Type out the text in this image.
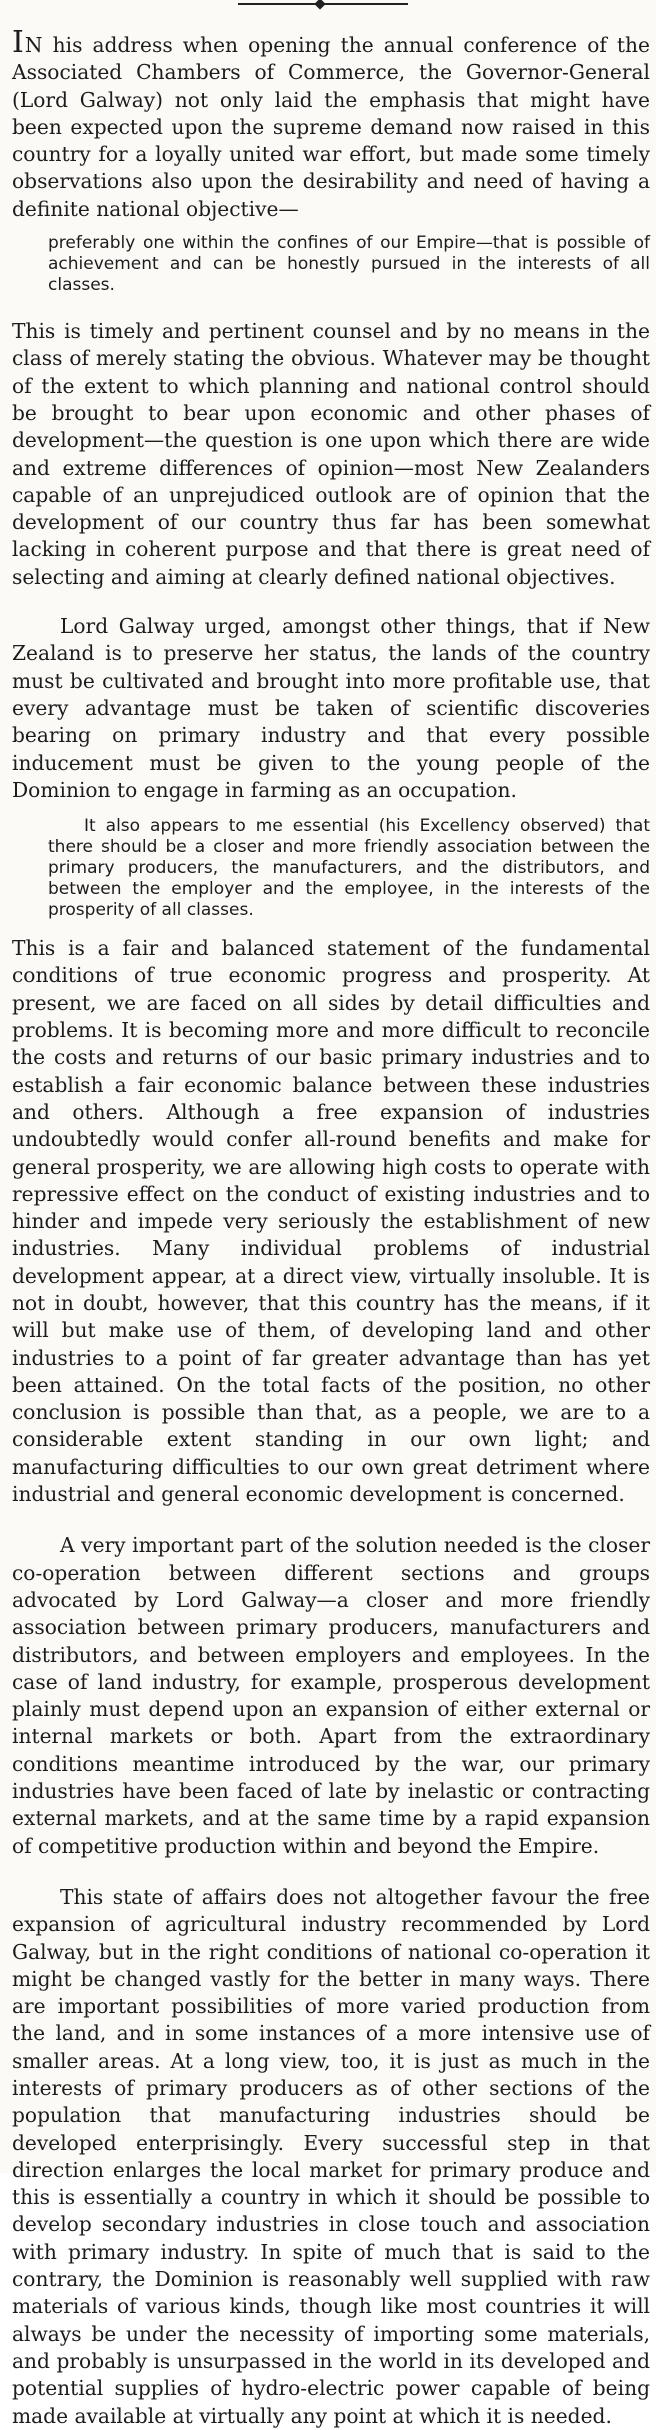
IN his address when opening the annual conference of the Associated Chambers of Commerce, the Governor-General (Lord Galway) not only laid the emphasis that might have been expected upon the supreme demand now raised in this country for a loyally united war effort, but made some timely observations also upon the desirability and need of having a definite national objective—

preferably one within the confines of our Empire—that is possible of achievement and can be honestly pursued in the interests of all classes.

This is timely and pertinent counsel and by no means in the class of merely stating the obvious. Whatever may be thought of the extent to which planning and national control should be brought to bear upon economic and other phases of development—the question is one upon which there are wide and extreme differences of opinion—most New Zealanders capable of an unprejudiced outlook are of opinion that the development of our country thus far has been somewhat lacking in coherent purpose and that there is great need of selecting and aiming at clearly defined national objectives.

Lord Galway urged, amongst other things, that if New Zealand is to preserve her status, the lands of the country must be cultivated and brought into more profitable use, that every advantage must be taken of scientific discoveries bearing on primary industry and that every possible inducement must be given to the young people of the Dominion to engage in farming as an occupation.

It also appears to me essential (his Excellency observed) that there should be a closer and more friendly association between the primary producers, the manufacturers, and the distributors, and between the employer and the employee, in the interests of the prosperity of all classes.

This is a fair and balanced statement of the fundamental conditions of true economic progress and prosperity. At present, we are faced on all sides by detail difficulties and problems. It is becoming more and more difficult to reconcile the costs and returns of our basic primary industries and to establish a fair economic balance between these industries and others. Although a free expansion of industries undoubtedly would confer all-round benefits and make for general prosperity, we are allowing high costs to operate with repressive effect on the conduct of existing industries and to hinder and impede very seriously the establishment of new industries. Many individual problems of industrial development appear, at a direct view, virtually insoluble. It is not in doubt, however, that this country has the means, if it will but make use of them, of developing land and other industries to a point of far greater advantage than has yet been attained. On the total facts of the position, no other conclusion is possible than that, as a people, we are to a considerable extent standing in our own light; and manufacturing difficulties to our own great detriment where industrial and general economic development is concerned.

A very important part of the solution needed is the closer co-operation between different sections and groups advocated by Lord Galway—a closer and more friendly association between primary producers, manufacturers and distributors, and between employers and employees. In the case of land industry, for example, prosperous development plainly must depend upon an expansion of either external or internal markets or both. Apart from the extraordinary conditions meantime introduced by the war, our primary industries have been faced of late by inelastic or contracting external markets, and at the same time by a rapid expansion of competitive production within and beyond the Empire.

This state of affairs does not altogether favour the free expansion of agricultural industry recommended by Lord Galway, but in the right conditions of national co-operation it might be changed vastly for the better in many ways. There are important possibilities of more varied production from the land, and in some instances of a more intensive use of smaller areas. At a long view, too, it is just as much in the interests of primary producers as of other sections of the population that manufacturing industries should be developed enterprisingly. Every successful step in that direction enlarges the local market for primary produce and this is essentially a country in which it should be possible to develop secondary industries in close touch and association with primary industry. In spite of much that is said to the contrary, the Dominion is reasonably well supplied with raw materials of various kinds, though like most countries it will always be under the necessity of importing some materials, and probably is unsurpassed in the world in its developed and potential supplies of hydro-electric power capable of being made available at virtually any point at which it is needed.
